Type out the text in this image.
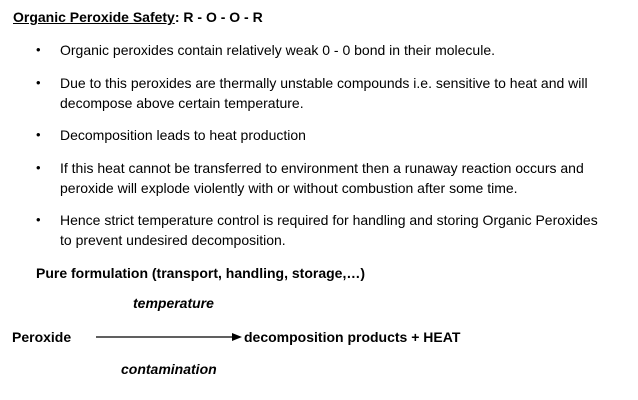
Organic Peroxide Safety: R - O - O - R
•	Organic peroxides contain relatively weak 0 - 0 bond in their molecule.
•	Due to this peroxides are thermally unstable compounds i.e. sensitive to heat and will
decompose above certain temperature.
•	Decomposition leads to heat production
•	If this heat cannot be transferred to environment then a runaway reaction occurs and
peroxide will explode violently with or without combustion after some time.
•	Hence strict temperature control is required for handling and storing Organic Peroxides
to prevent undesired decomposition.
Pure formulation (transport, handling, storage,…)
temperature
Peroxide	decomposition products + HEAT
contamination
